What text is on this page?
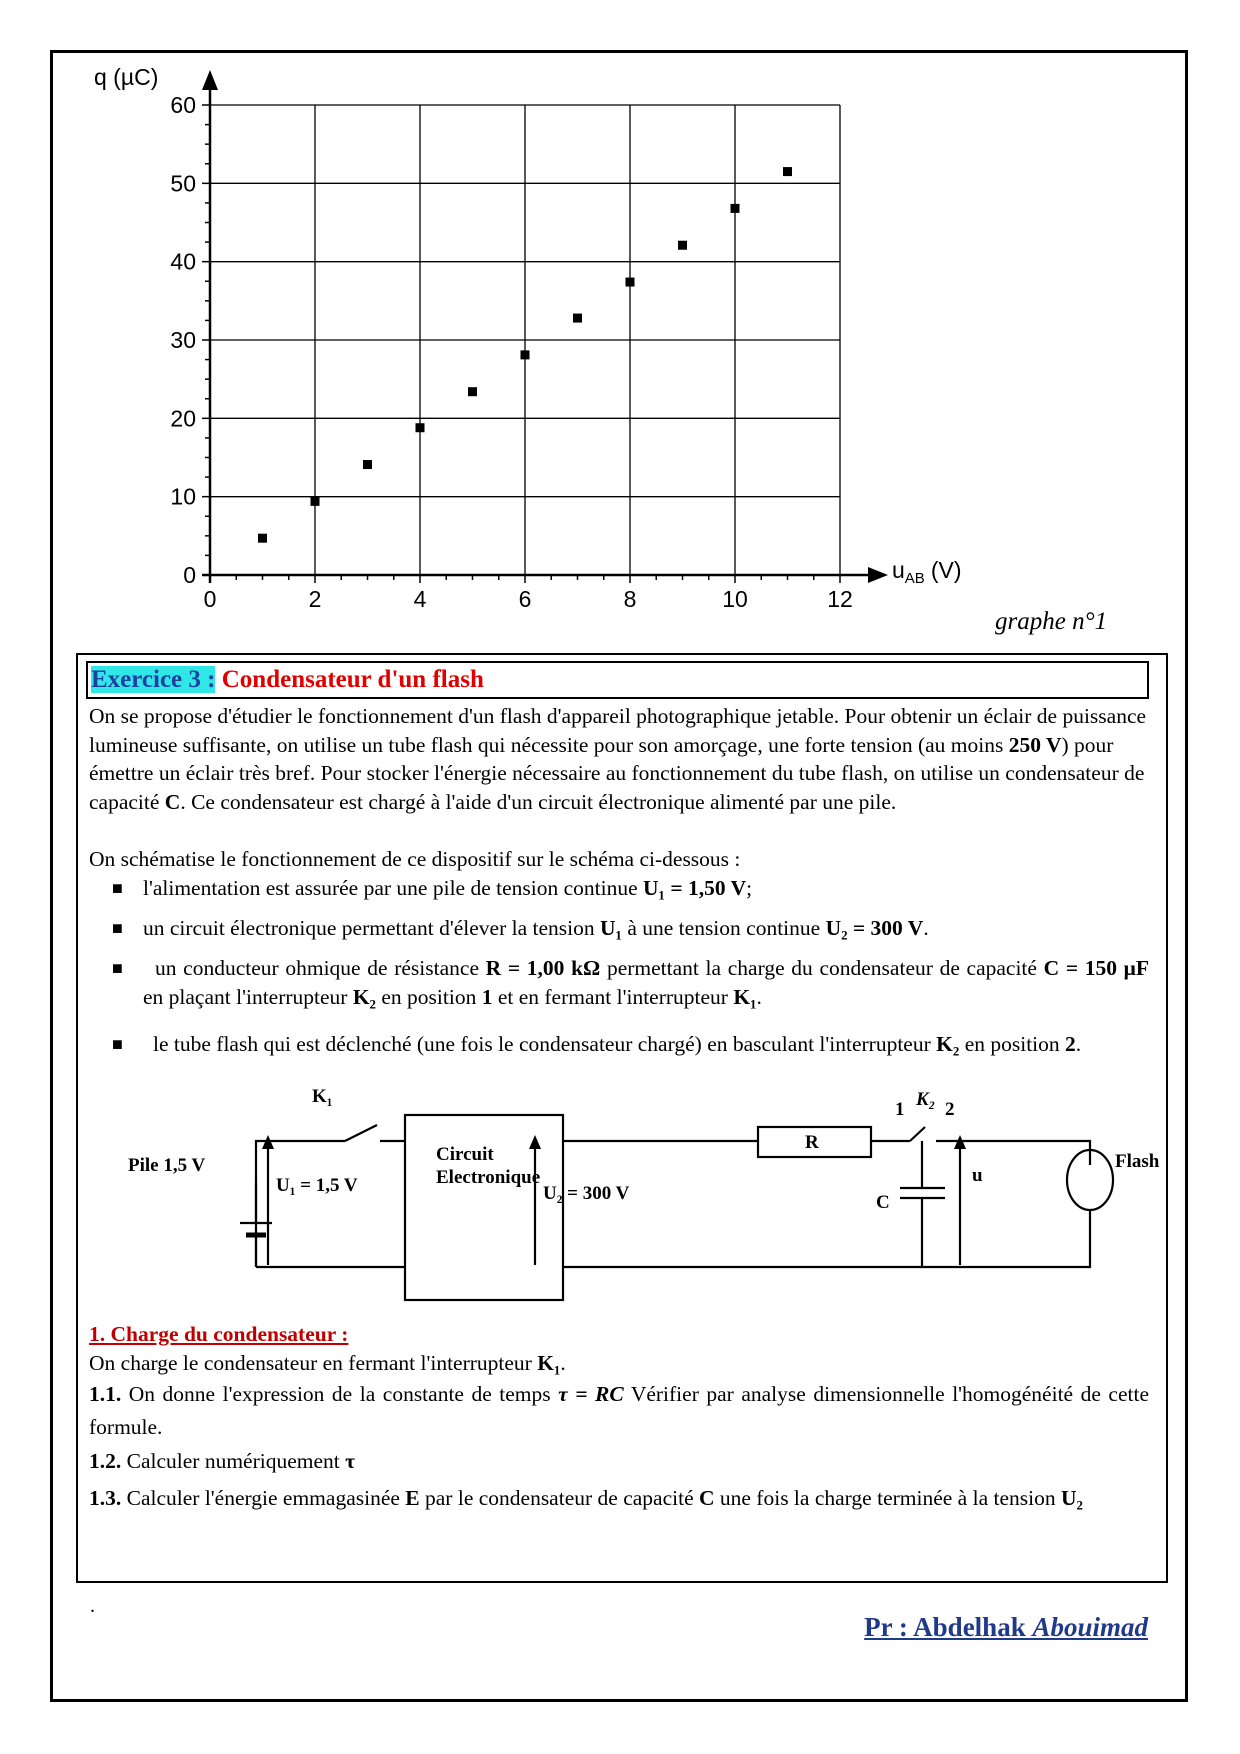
0	2	4	6	8	10	12
0
10
20
30
40
50
60
q (µC)
$u_{AB}$ (V)
graphe n°1
Exercice 3 : Condensateur d'un flash
On se propose d'étudier le fonctionnement d'un flash d'appareil photographique jetable. Pour obtenir un éclair de puissance lumineuse suffisante, on utilise un tube flash qui nécessite pour son amorçage, une forte tension (au moins 250 V) pour émettre un éclair très bref. Pour stocker l'énergie nécessaire au fonctionnement du tube flash, on utilise un condensateur de capacité C. Ce condensateur est chargé à l'aide d'un circuit électronique alimenté par une pile.
On schématise le fonctionnement de ce dispositif sur le schéma ci-dessous :
■ l'alimentation est assurée par une pile de tension continue U₁ = 1,50 V;
■ un circuit électronique permettant d'élever la tension U₁ à une tension continue U₂ = 300 V.
■	un conducteur ohmique de résistance R = 1,00 kΩ permettant la charge du condensateur de capacité C = 150 μF en plaçant l'interrupteur K₂ en position 1 et en fermant l'interrupteur K₁.
■	le tube flash qui est déclenché (une fois le condensateur chargé) en basculant l'interrupteur K₂ en position 2.
K₁
Pile 1,5 V
U₁ = 1,5 V
Circuit
Electronique
U₂ = 300 V
R
1 K₂ 2
C
u
Flash
1. Charge du condensateur :
On charge le condensateur en fermant l'interrupteur K₁.
1.1. On donne l'expression de la constante de temps τ = RC Vérifier par analyse dimensionnelle l'homogénéité de cette formule.
1.2. Calculer numériquement τ
1.3. Calculer l'énergie emmagasinée E par le condensateur de capacité C une fois la charge terminée à la tension U₂
.
Pr : Abdelhak Abouimad
